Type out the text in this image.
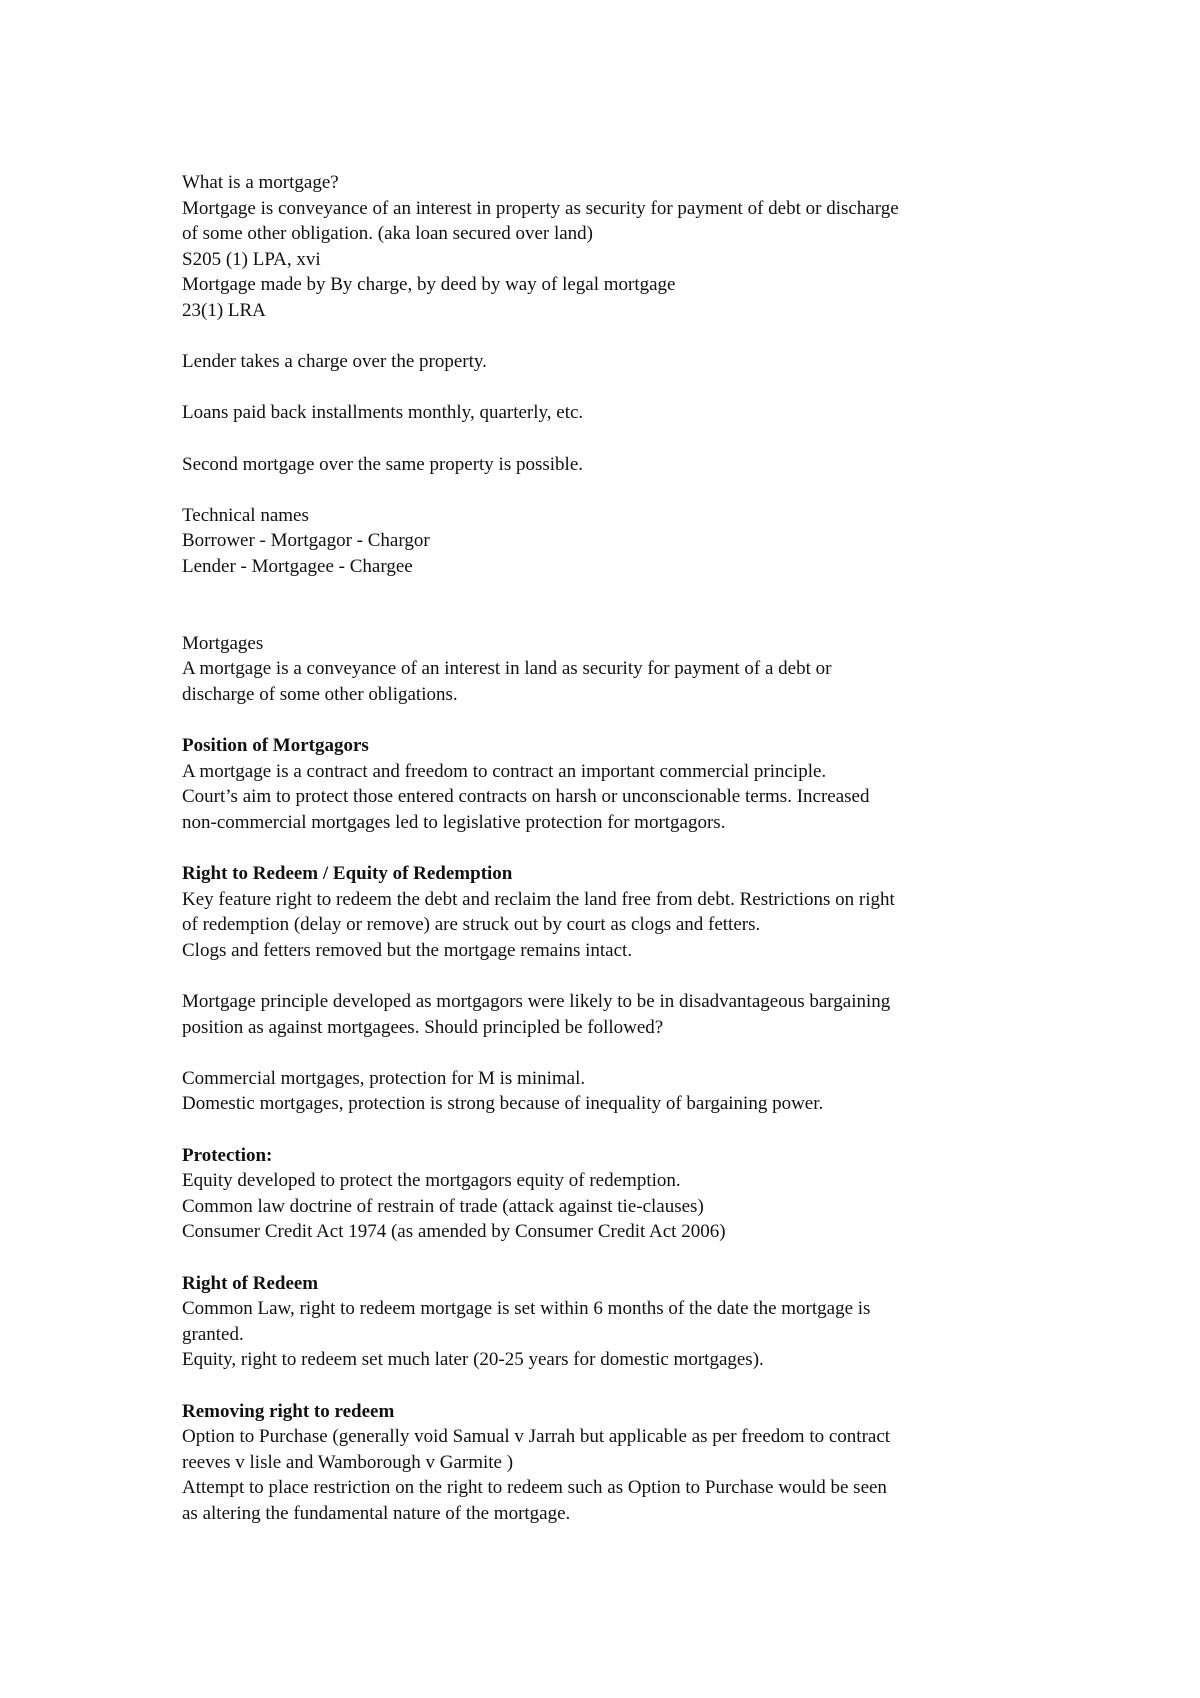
What is a mortgage?
Mortgage is conveyance of an interest in property as security for payment of debt or discharge
of some other obligation. (aka loan secured over land)
S205 (1) LPA, xvi
Mortgage made by By charge, by deed by way of legal mortgage
23(1) LRA
Lender takes a charge over the property.
Loans paid back installments monthly, quarterly, etc.
Second mortgage over the same property is possible.
Technical names
Borrower - Mortgagor - Chargor
Lender - Mortgagee - Chargee
Mortgages
A mortgage is a conveyance of an interest in land as security for payment of a debt or
discharge of some other obligations.
Position of Mortgagors
A mortgage is a contract and freedom to contract an important commercial principle.
Court’s aim to protect those entered contracts on harsh or unconscionable terms. Increased
non-commercial mortgages led to legislative protection for mortgagors.
Right to Redeem / Equity of Redemption
Key feature right to redeem the debt and reclaim the land free from debt. Restrictions on right
of redemption (delay or remove) are struck out by court as clogs and fetters.
Clogs and fetters removed but the mortgage remains intact.
Mortgage principle developed as mortgagors were likely to be in disadvantageous bargaining
position as against mortgagees. Should principled be followed?
Commercial mortgages, protection for M is minimal.
Domestic mortgages, protection is strong because of inequality of bargaining power.
Protection:
Equity developed to protect the mortgagors equity of redemption.
Common law doctrine of restrain of trade (attack against tie-clauses)
Consumer Credit Act 1974 (as amended by Consumer Credit Act 2006)
Right of Redeem
Common Law, right to redeem mortgage is set within 6 months of the date the mortgage is
granted.
Equity, right to redeem set much later (20-25 years for domestic mortgages).
Removing right to redeem
Option to Purchase (generally void Samual v Jarrah but applicable as per freedom to contract
reeves v lisle and Wamborough v Garmite )
Attempt to place restriction on the right to redeem such as Option to Purchase would be seen
as altering the fundamental nature of the mortgage.
